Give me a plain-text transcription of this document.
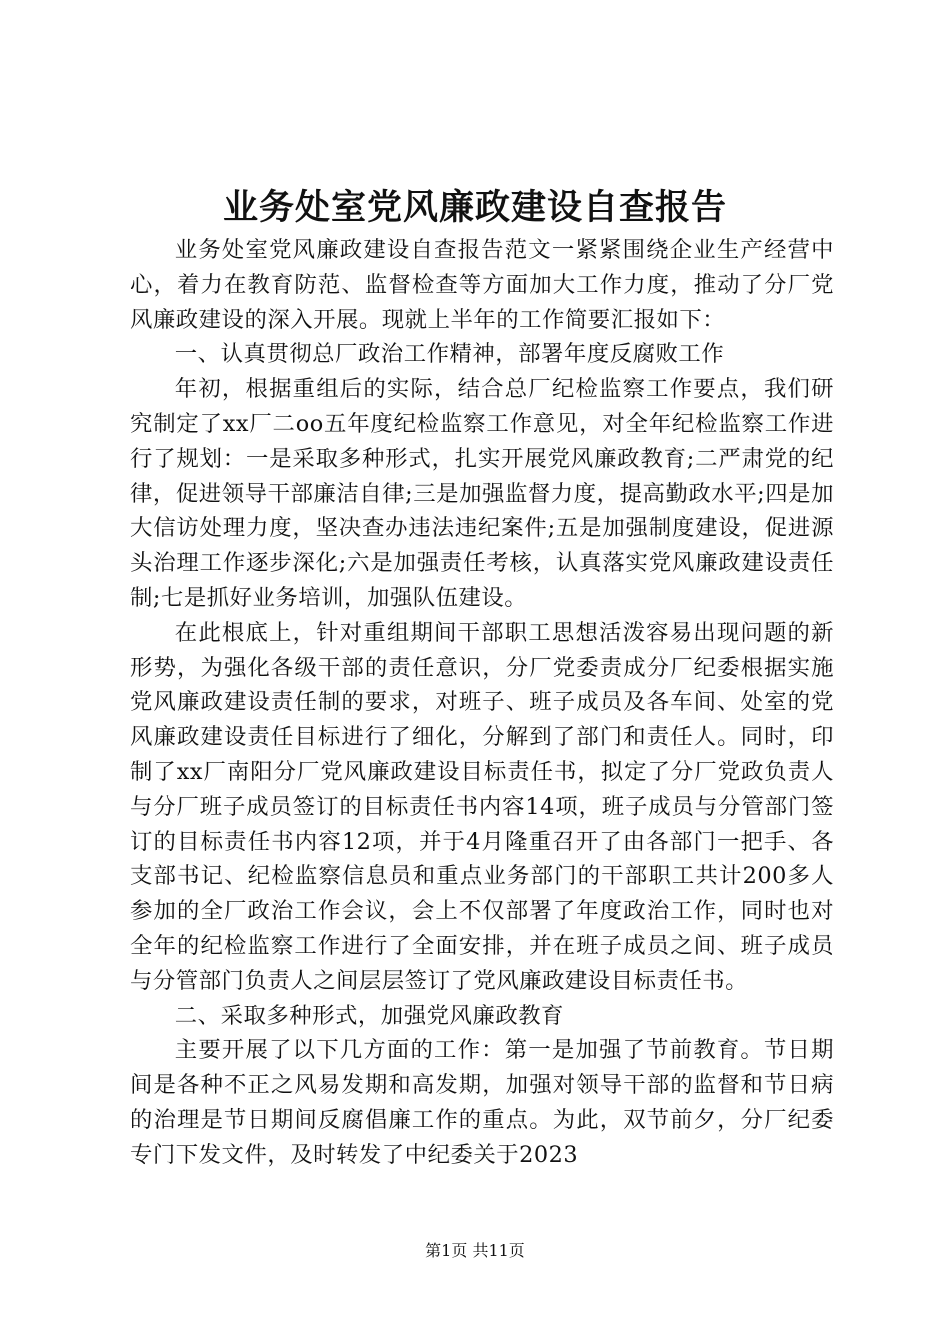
业务处室党风廉政建设自查报告

业务处室党风廉政建设自查报告范文一紧紧围绕企业生产经营中心，着力在教育防范、监督检查等方面加大工作力度，推动了分厂党风廉政建设的深入开展。现就上半年的工作简要汇报如下：

一、认真贯彻总厂政治工作精神，部署年度反腐败工作

年初，根据重组后的实际，结合总厂纪检监察工作要点，我们研究制定了xx厂二oo五年度纪检监察工作意见，对全年纪检监察工作进行了规划：一是采取多种形式，扎实开展党风廉政教育;二严肃党的纪律，促进领导干部廉洁自律;三是加强监督力度，提高勤政水平;四是加大信访处理力度，坚决查办违法违纪案件;五是加强制度建设，促进源头治理工作逐步深化;六是加强责任考核，认真落实党风廉政建设责任制;七是抓好业务培训，加强队伍建设。

在此根底上，针对重组期间干部职工思想活泼容易出现问题的新形势，为强化各级干部的责任意识，分厂党委责成分厂纪委根据实施党风廉政建设责任制的要求，对班子、班子成员及各车间、处室的党风廉政建设责任目标进行了细化，分解到了部门和责任人。同时，印制了xx厂南阳分厂党风廉政建设目标责任书，拟定了分厂党政负责人与分厂班子成员签订的目标责任书内容14项，班子成员与分管部门签订的目标责任书内容12项，并于4月隆重召开了由各部门一把手、各支部书记、纪检监察信息员和重点业务部门的干部职工共计200多人参加的全厂政治工作会议，会上不仅部署了年度政治工作，同时也对全年的纪检监察工作进行了全面安排，并在班子成员之间、班子成员与分管部门负责人之间层层签订了党风廉政建设目标责任书。

二、采取多种形式，加强党风廉政教育

主要开展了以下几方面的工作：第一是加强了节前教育。节日期间是各种不正之风易发期和高发期，加强对领导干部的监督和节日病的治理是节日期间反腐倡廉工作的重点。为此，双节前夕，分厂纪委专门下发文件，及时转发了中纪委关于2023

第1页 共11页
